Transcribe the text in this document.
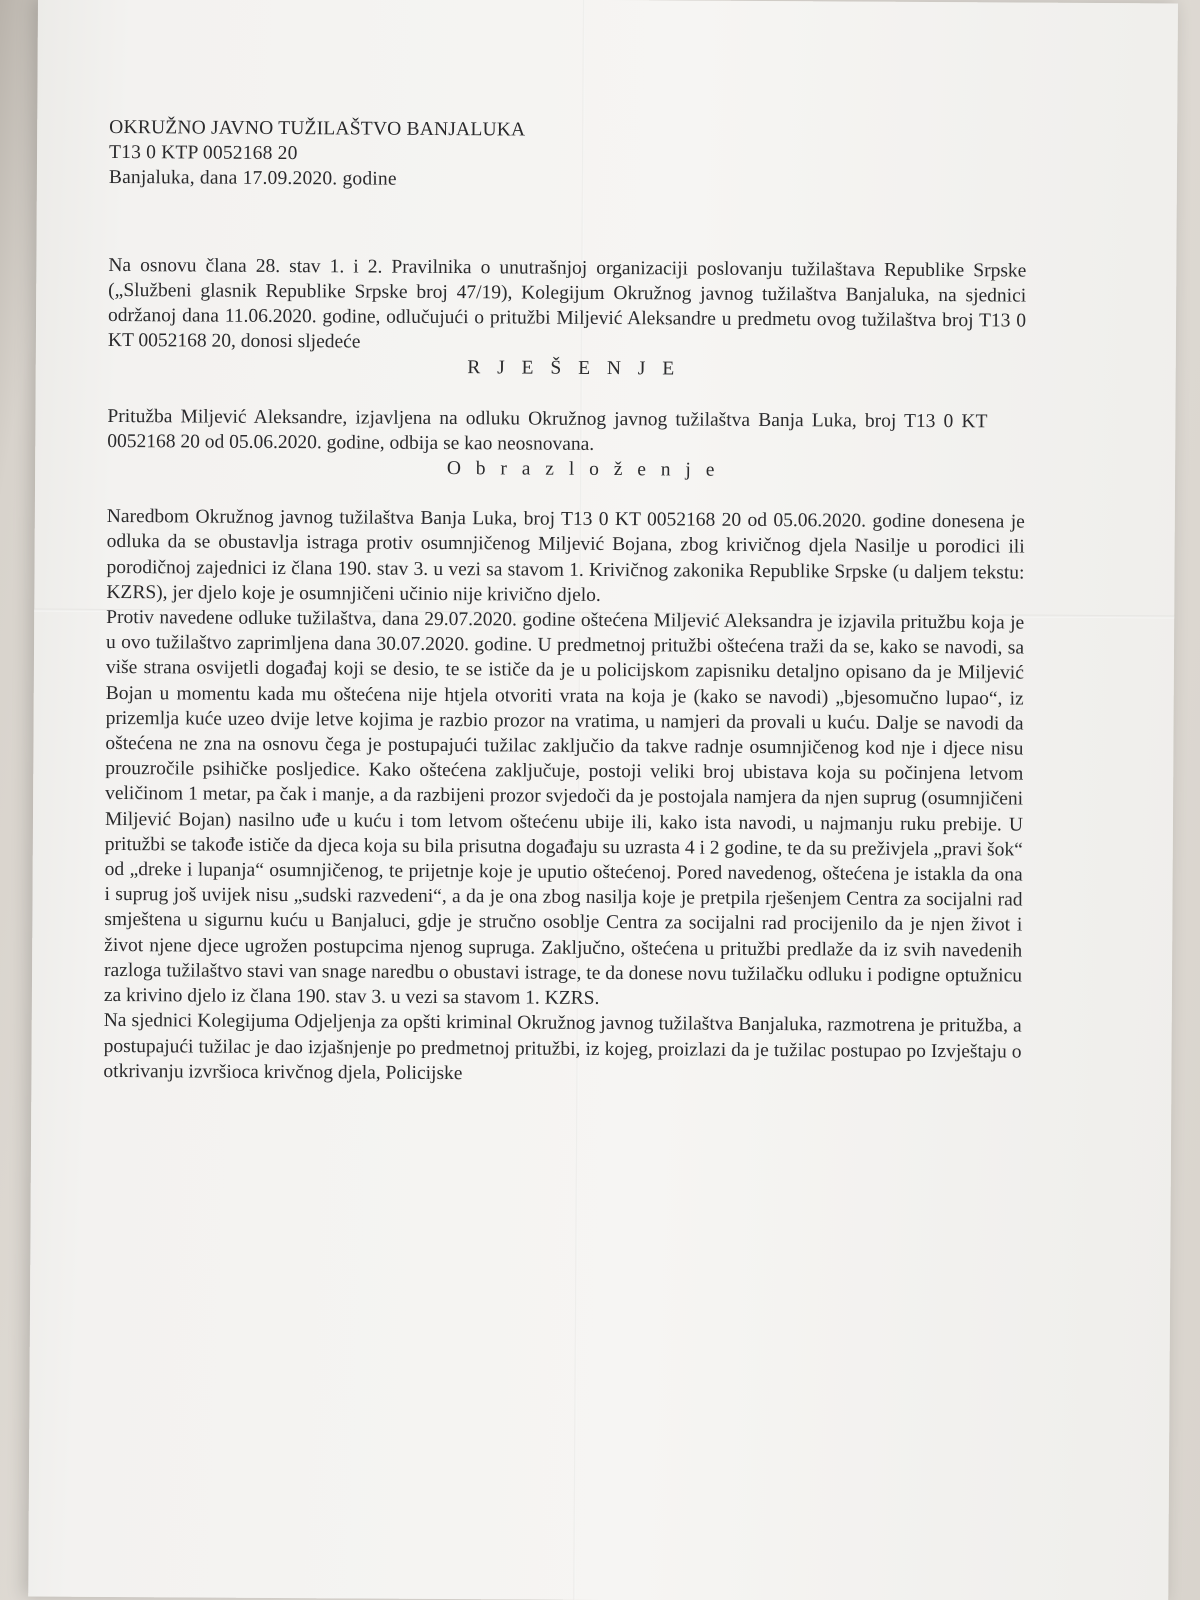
OKRUŽNO JAVNO TUŽILAŠTVO BANJALUKA
T13 0 KTP 0052168 20
Banjaluka, dana 17.09.2020. godine

Na osnovu člana 28. stav 1. i 2. Pravilnika o unutrašnjoj organizaciji poslovanju tužilaštava Republike Srpske („Službeni glasnik Republike Srpske broj 47/19), Kolegijum Okružnog javnog tužilaštva Banjaluka, na sjednici održanoj dana 11.06.2020. godine, odlučujući o pritužbi Miljević Aleksandre u predmetu ovog tužilaštva broj T13 0 KT 0052168 20, donosi sljedeće

R J E Š E N J E

Pritužba Miljević Aleksandre, izjavljena na odluku Okružnog javnog tužilaštva Banja Luka, broj T13 0 KT 0052168 20 od 05.06.2020. godine, odbija se kao neosnovana.

O b r a z l o ž e n j e

Naredbom Okružnog javnog tužilaštva Banja Luka, broj T13 0 KT 0052168 20 od 05.06.2020. godine donesena je odluka da se obustavlja istraga protiv osumnjičenog Miljević Bojana, zbog krivičnog djela Nasilje u porodici ili porodičnoj zajednici iz člana 190. stav 3. u vezi sa stavom 1. Krivičnog zakonika Republike Srpske (u daljem tekstu: KZRS), jer djelo koje je osumnjičeni učinio nije krivično djelo.

Protiv navedene odluke tužilaštva, dana 29.07.2020. godine oštećena Miljević Aleksandra je izjavila pritužbu koja je u ovo tužilaštvo zaprimljena dana 30.07.2020. godine. U predmetnoj pritužbi oštećena traži da se, kako se navodi, sa više strana osvijetli događaj koji se desio, te se ističe da je u policijskom zapisniku detaljno opisano da je Miljević Bojan u momentu kada mu oštećena nije htjela otvoriti vrata na koja je (kako se navodi) „bjesomučno lupao“, iz prizemlja kuće uzeo dvije letve kojima je razbio prozor na vratima, u namjeri da provali u kuću. Dalje se navodi da oštećena ne zna na osnovu čega je postupajući tužilac zaključio da takve radnje osumnjičenog kod nje i djece nisu prouzročile psihičke posljedice. Kako oštećena zaključuje, postoji veliki broj ubistava koja su počinjena letvom veličinom 1 metar, pa čak i manje, a da razbijeni prozor svjedoči da je postojala namjera da njen suprug (osumnjičeni Miljević Bojan) nasilno uđe u kuću i tom letvom oštećenu ubije ili, kako ista navodi, u najmanju ruku prebije. U pritužbi se takođe ističe da djeca koja su bila prisutna događaju su uzrasta 4 i 2 godine, te da su preživjela „pravi šok“ od „dreke i lupanja“ osumnjičenog, te prijetnje koje je uputio oštećenoj. Pored navedenog, oštećena je istakla da ona i suprug još uvijek nisu „sudski razvedeni“, a da je ona zbog nasilja koje je pretpila rješenjem Centra za socijalni rad smještena u sigurnu kuću u Banjaluci, gdje je stručno osoblje Centra za socijalni rad procijenilo da je njen život i život njene djece ugrožen postupcima njenog supruga. Zaključno, oštećena u pritužbi predlaže da iz svih navedenih razloga tužilaštvo stavi van snage naredbu o obustavi istrage, te da donese novu tužilačku odluku i podigne optužnicu za krivino djelo iz člana 190. stav 3. u vezi sa stavom 1. KZRS.

Na sjednici Kolegijuma Odjeljenja za opšti kriminal Okružnog javnog tužilaštva Banjaluka, razmotrena je pritužba, a postupajući tužilac je dao izjašnjenje po predmetnoj pritužbi, iz kojeg, proizlazi da je tužilac postupao po Izvještaju o otkrivanju izvršioca krivčnog djela, Policijske
